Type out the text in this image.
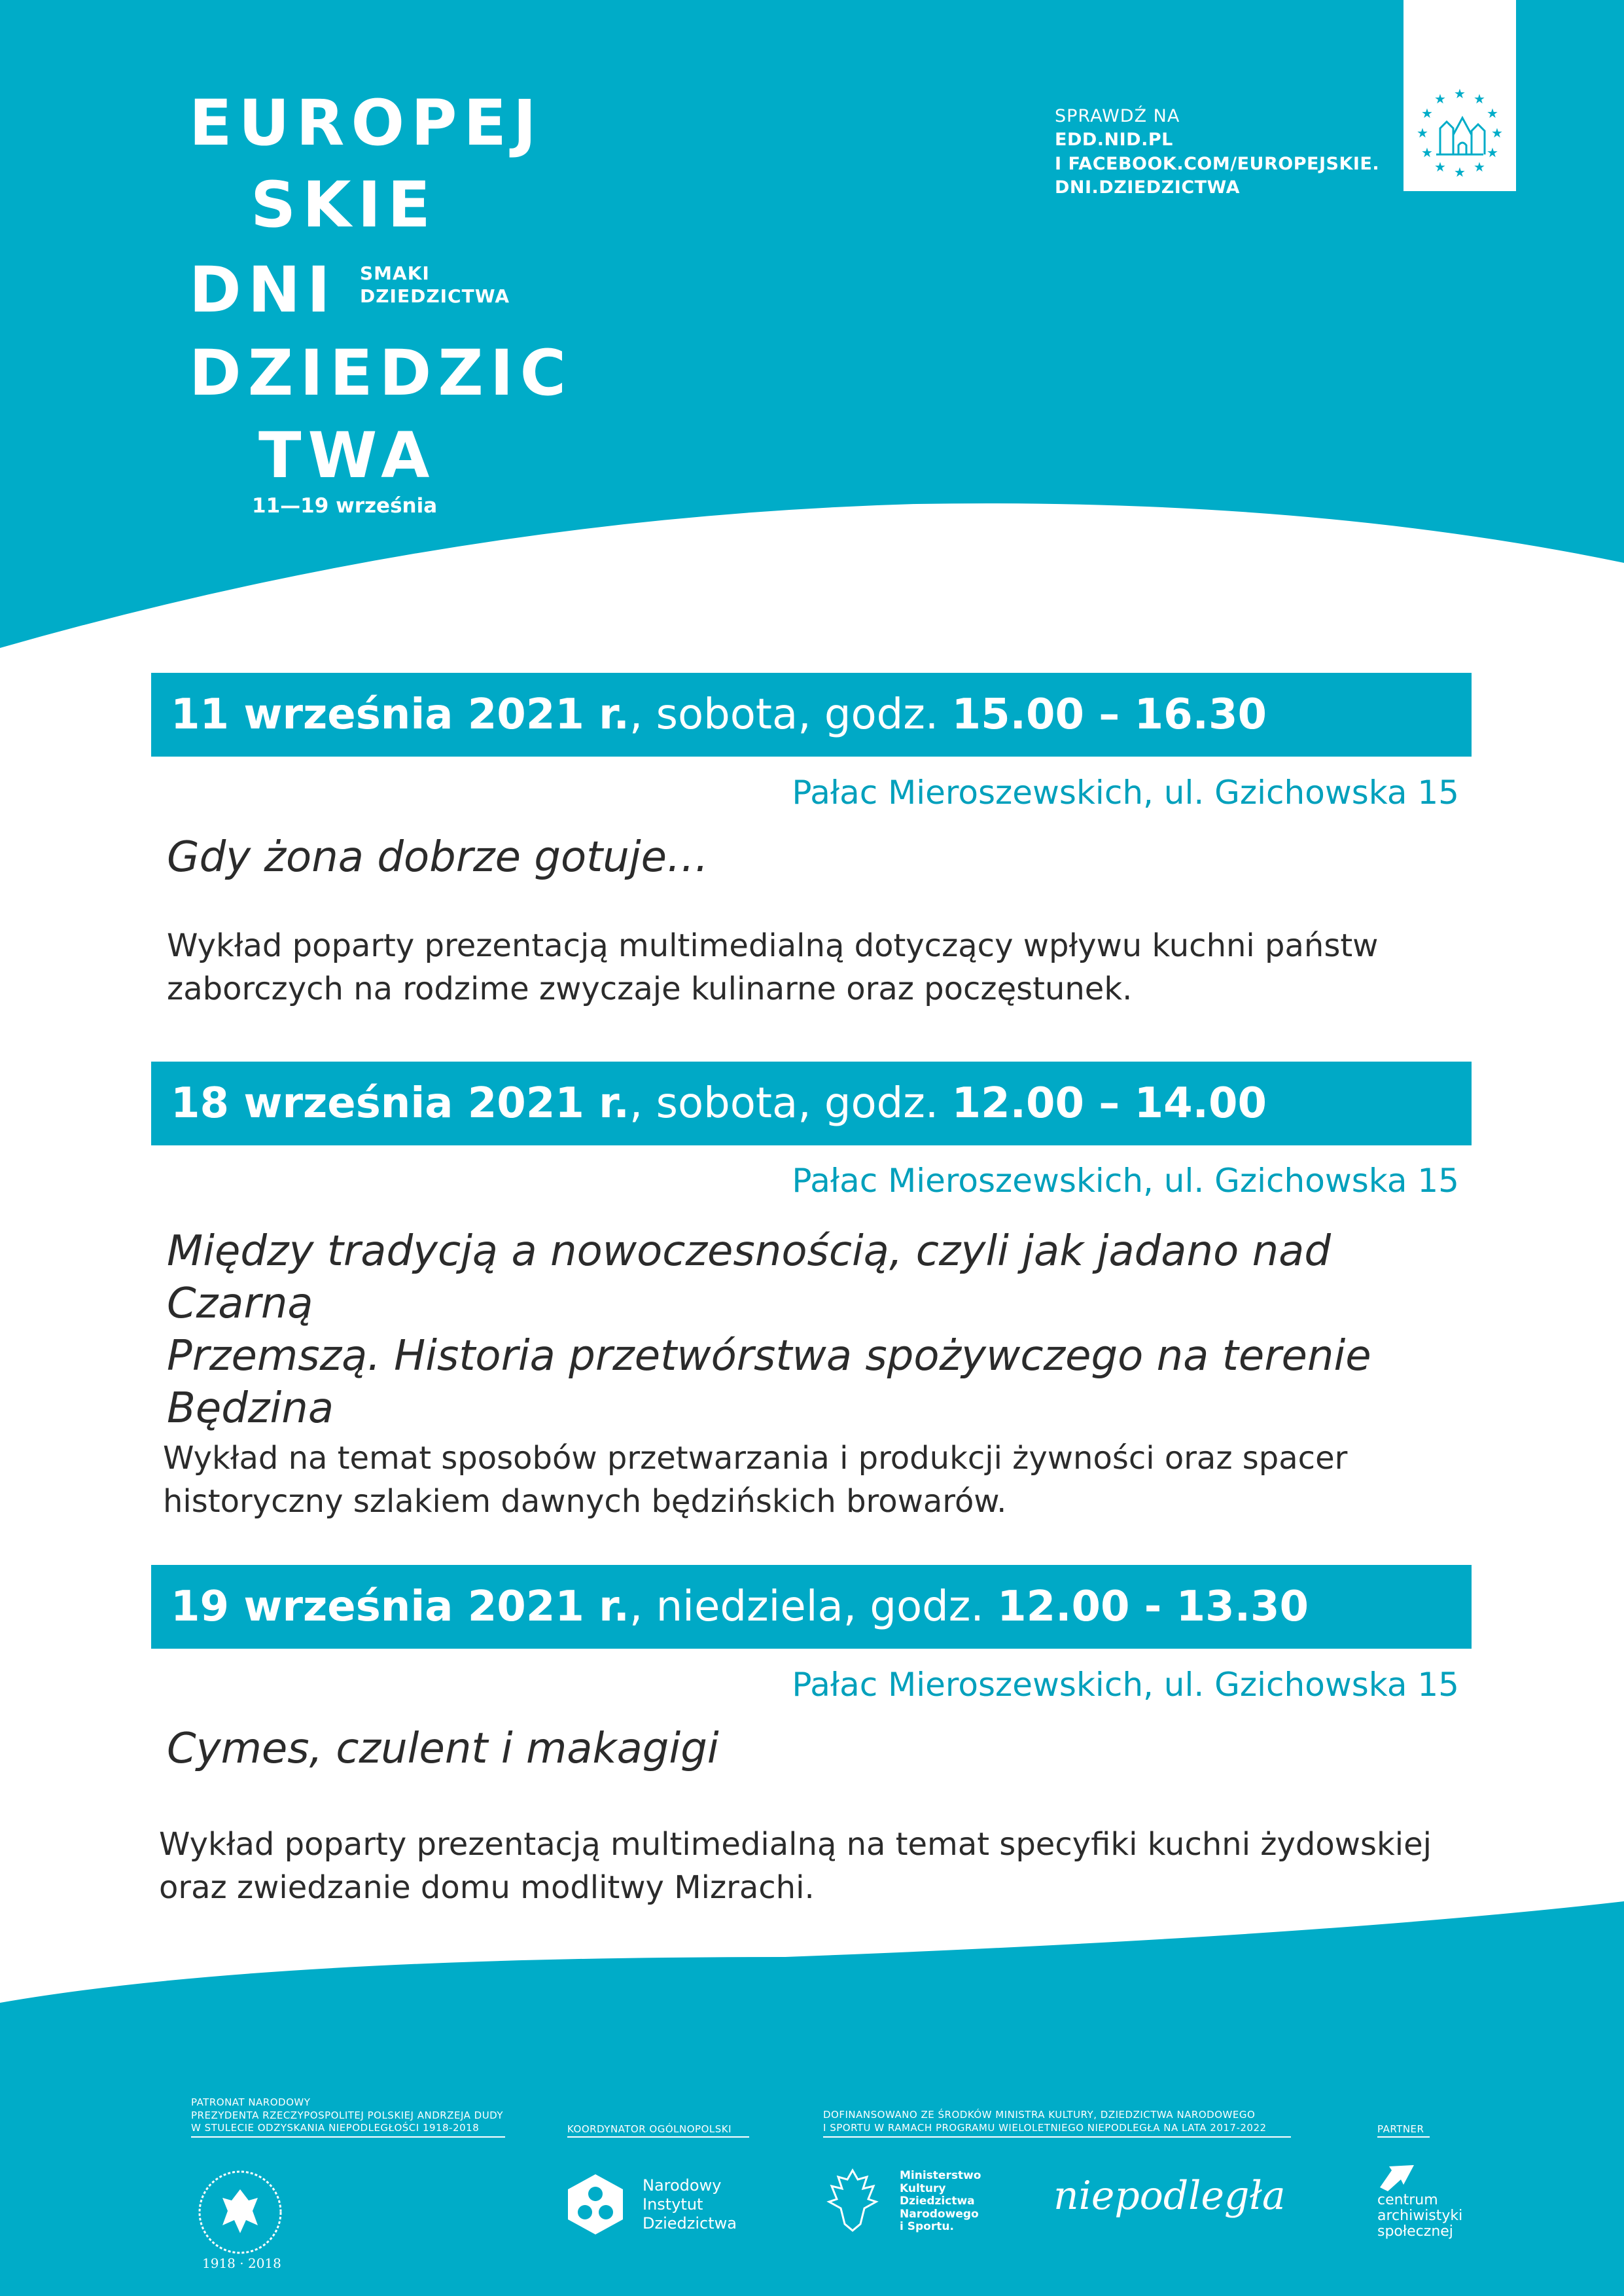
EUROPEJ
SKIE
DNI SMAKI
DZIEDZICTWA
DZIEDZIC
TWA
11—19 września
SPRAWDŹ NA
EDD.NID.PL
I FACEBOOK.COM/EUROPEJSKIE.
DNI.DZIEDZICTWA
★ ★
★
★
★
★
★
★
★
★
★
★
11 września 2021 r., sobota, godz. 15.00 – 16.30
Pałac Mieroszewskich, ul. Gzichowska 15
Gdy żona dobrze gotuje…
Wykład poparty prezentacją multimedialną dotyczący wpływu kuchni państw
zaborczych na rodzime zwyczaje kulinarne oraz poczęstunek.
18 września 2021 r., sobota, godz. 12.00 – 14.00
Pałac Mieroszewskich, ul. Gzichowska 15
Między tradycją a nowoczesnością, czyli jak jadano nad Czarną
Przemszą. Historia przetwórstwa spożywczego na terenie
Będzina
Wykład na temat sposobów przetwarzania i produkcji żywności oraz spacer
historyczny szlakiem dawnych będzińskich browarów.
19 września 2021 r., niedziela, godz. 12.00 - 13.30
Pałac Mieroszewskich, ul. Gzichowska 15
Cymes, czulent i makagigi
Wykład poparty prezentacją multimedialną na temat specyfiki kuchni żydowskiej
oraz zwiedzanie domu modlitwy Mizrachi.
PATRONAT NARODOWY
PREZYDENTA RZECZYPOSPOLITEJ POLSKIEJ ANDRZEJA DUDY
W STULECIE ODZYSKANIA NIEPODLEGŁOŚCI 1918-2018
1918 · 2018
KOORDYNATOR OGÓLNOPOLSKI
Narodowy
Instytut
Dziedzictwa
DOFINANSOWANO ZE ŚRODKÓW MINISTRA KULTURY, DZIEDZICTWA NARODOWEGO
I SPORTU W RAMACH PROGRAMU WIELOLETNIEGO NIEPODLEGŁA NA LATA 2017-2022
Ministerstwo
Kultury
Dziedzictwa
Narodowego
i Sportu.
niepodległa
PARTNER
centrum
archiwistyki
społecznej
